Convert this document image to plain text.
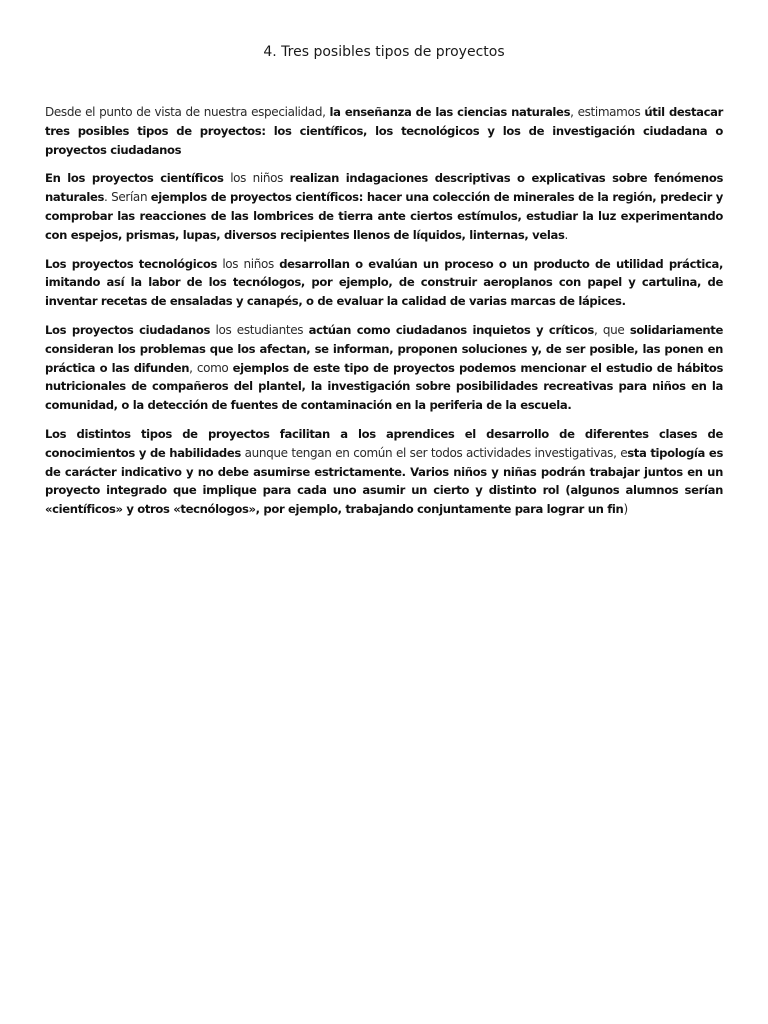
4. Tres posibles tipos de proyectos

Desde el punto de vista de nuestra especialidad, la enseñanza de las ciencias naturales, estimamos útil destacar tres posibles tipos de proyectos: los científicos, los tecnológicos y los de investigación ciudadana o proyectos ciudadanos

En los proyectos científicos los niños realizan indagaciones descriptivas o explicativas sobre fenómenos naturales. Serían ejemplos de proyectos científicos: hacer una colección de minerales de la región, predecir y comprobar las reacciones de las lombrices de tierra ante ciertos estímulos, estudiar la luz experimentando con espejos, prismas, lupas, diversos recipientes llenos de líquidos, linternas, velas.

Los proyectos tecnológicos los niños desarrollan o evalúan un proceso o un producto de utilidad práctica, imitando así la labor de los tecnólogos, por ejemplo, de construir aeroplanos con papel y cartulina, de inventar recetas de ensaladas y canapés, o de evaluar la calidad de varias marcas de lápices.

Los proyectos ciudadanos los estudiantes actúan como ciudadanos inquietos y críticos, que solidariamente consideran los problemas que los afectan, se informan, proponen soluciones y, de ser posible, las ponen en práctica o las difunden, como ejemplos de este tipo de proyectos podemos mencionar el estudio de hábitos nutricionales de compañeros del plantel, la investigación sobre posibilidades recreativas para niños en la comunidad, o la detección de fuentes de contaminación en la periferia de la escuela.

Los distintos tipos de proyectos facilitan a los aprendices el desarrollo de diferentes clases de conocimientos y de habilidades aunque tengan en común el ser todos actividades investigativas, esta tipología es de carácter indicativo y no debe asumirse estrictamente. Varios niños y niñas podrán trabajar juntos en un proyecto integrado que implique para cada uno asumir un cierto y distinto rol (algunos alumnos serían «científicos» y otros «tecnólogos», por ejemplo, trabajando conjuntamente para lograr un fin)
